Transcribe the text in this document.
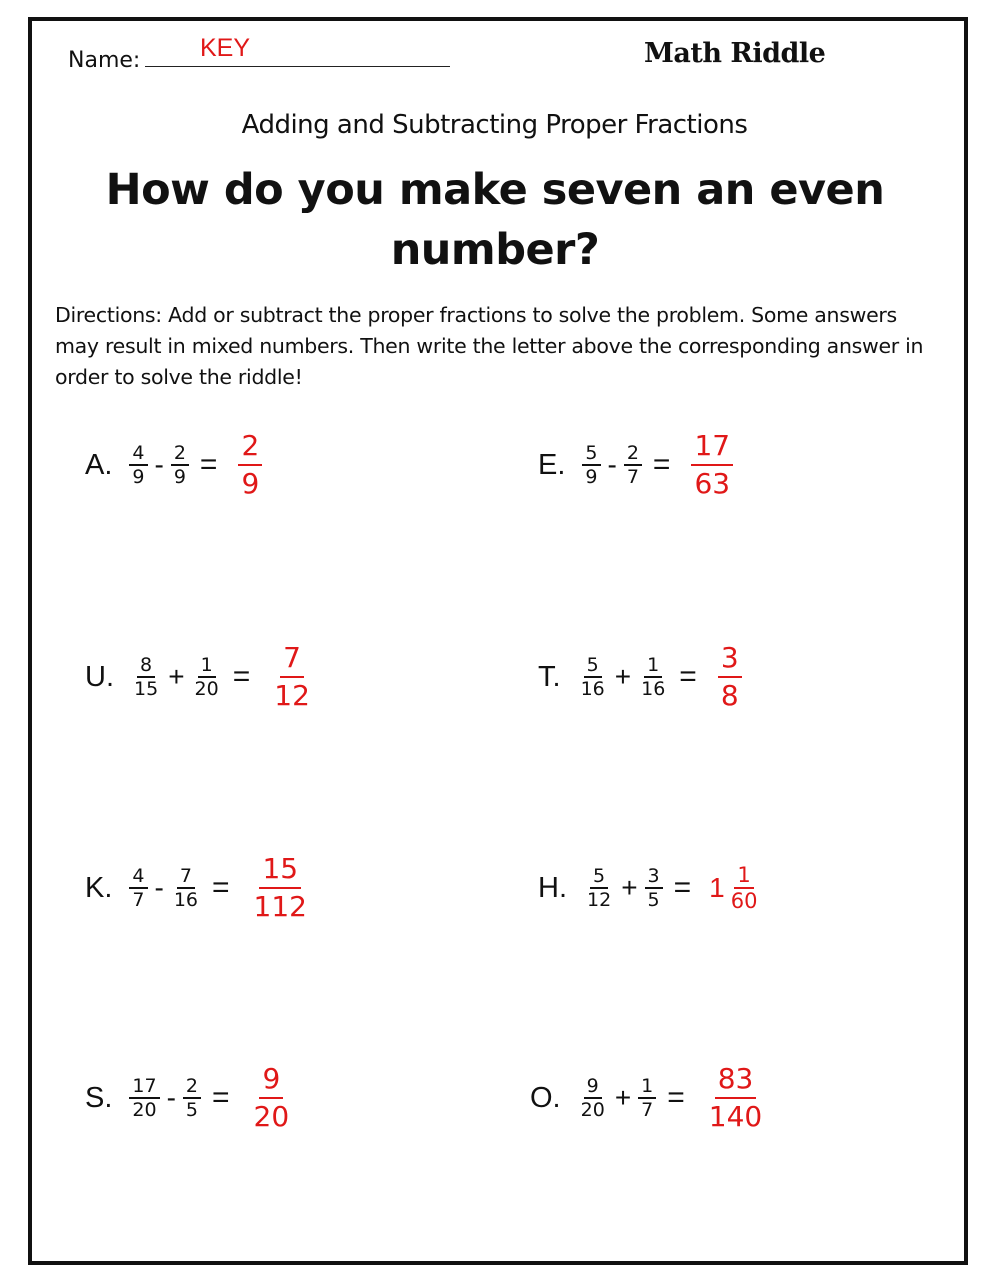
Name: KEY	Math Riddle
Adding and Subtracting Proper Fractions
How do you make seven an even number?
Directions: Add or subtract the proper fractions to solve the problem. Some answers may result in mixed numbers. Then write the letter above the corresponding answer in order to solve the riddle!
A. $\frac{4}{9} - \frac{2}{9} = \frac{2}{9}$	E. $\frac{5}{9} - \frac{2}{7} = \frac{17}{63}$
U. $\frac{8}{15} + \frac{1}{20} = \frac{7}{12}$	T. $\frac{5}{16} + \frac{1}{16} = \frac{3}{8}$
K. $\frac{4}{7} - \frac{7}{16} = \frac{15}{112}$	H. $\frac{5}{12} + \frac{3}{5} = 1 \frac{1}{60}$
S. $\frac{17}{20} - \frac{2}{5} = \frac{9}{20}$	O. $\frac{9}{20} + \frac{1}{7} = \frac{83}{140}$
